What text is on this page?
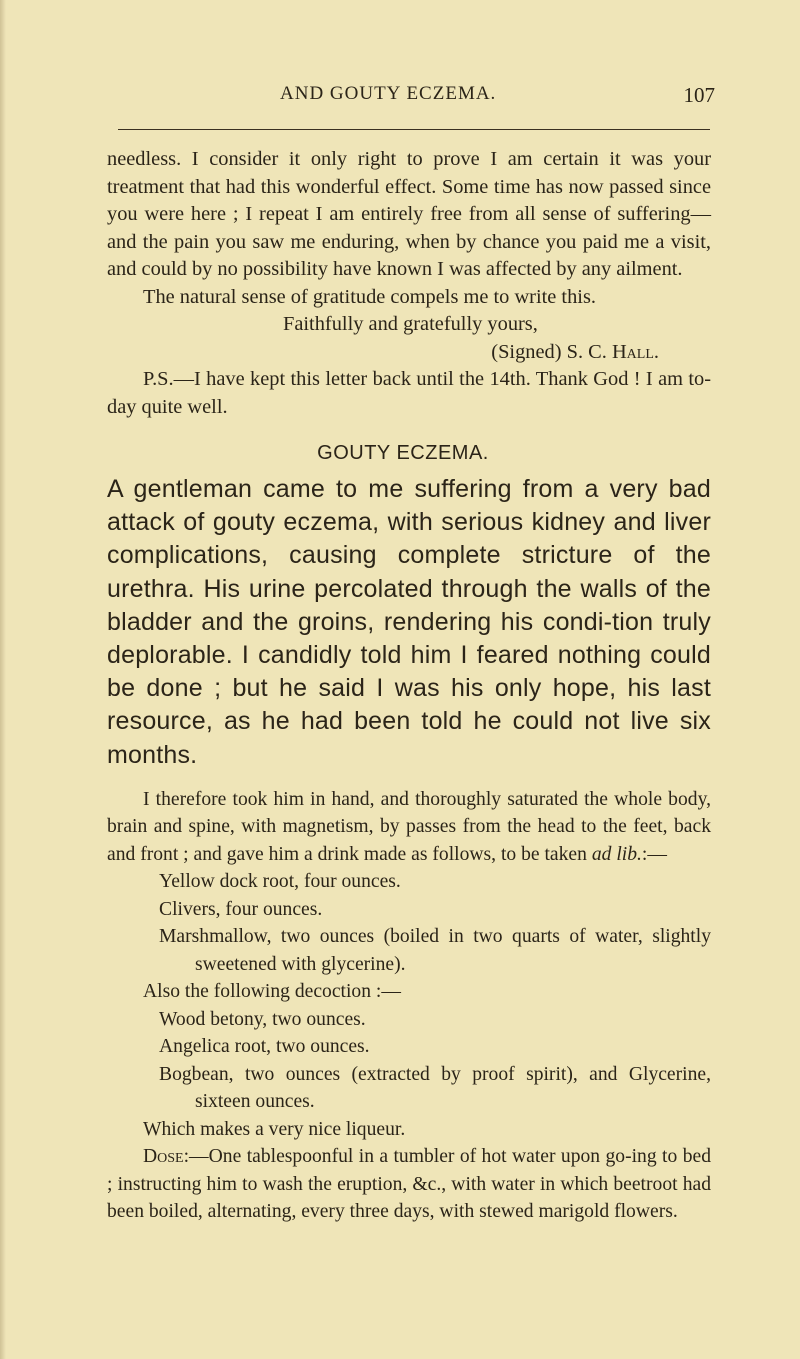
AND GOUTY ECZEMA.	107

needless. I consider it only right to prove I am certain it was your treatment that had this wonderful effect. Some time has now passed since you were here ; I repeat I am entirely free from all sense of suffering—and the pain you saw me enduring, when by chance you paid me a visit, and could by no possibility have known I was affected by any ailment.

The natural sense of gratitude compels me to write this.

Faithfully and gratefully yours,

(Signed) S. C. Hall.

P.S.—I have kept this letter back until the 14th. Thank God ! I am to-day quite well.

GOUTY ECZEMA.

A gentleman came to me suffering from a very bad attack of gouty eczema, with serious kidney and liver complications, causing complete stricture of the urethra. His urine percolated through the walls of the bladder and the groins, rendering his condi-tion truly deplorable. I candidly told him I feared nothing could be done ; but he said I was his only hope, his last resource, as he had been told he could not live six months.

I therefore took him in hand, and thoroughly saturated the whole body, brain and spine, with magnetism, by passes from the head to the feet, back and front ; and gave him a drink made as follows, to be taken ad lib.:—

Yellow dock root, four ounces.

Clivers, four ounces.

Marshmallow, two ounces (boiled in two quarts of water, slightly sweetened with glycerine).

Also the following decoction :—

Wood betony, two ounces.

Angelica root, two ounces.

Bogbean, two ounces (extracted by proof spirit), and Glycerine, sixteen ounces.

Which makes a very nice liqueur.

Dose:—One tablespoonful in a tumbler of hot water upon go-ing to bed ; instructing him to wash the eruption, &c., with water in which beetroot had been boiled, alternating, every three days, with stewed marigold flowers.
